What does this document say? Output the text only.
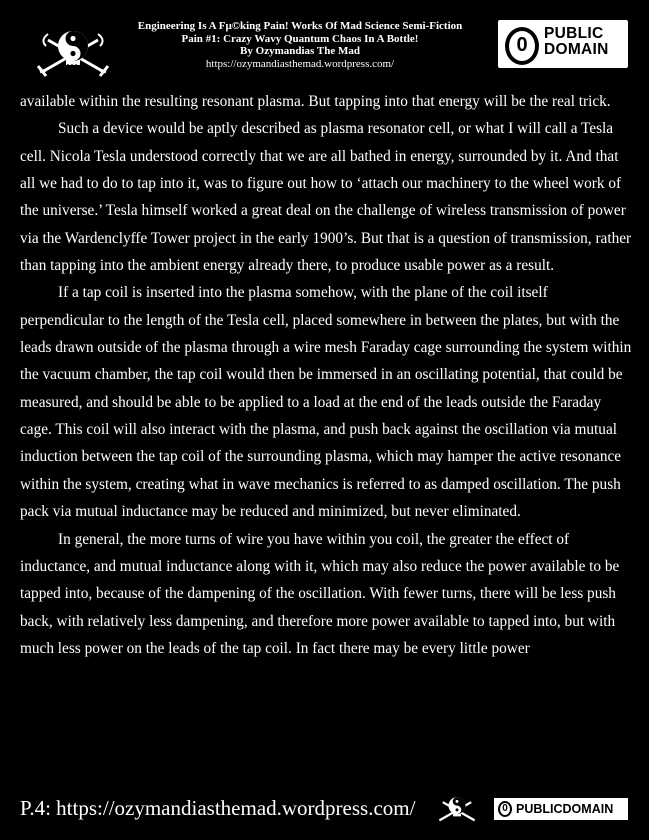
Engineering Is A Fµ©king Pain! Works Of Mad Science Semi-Fiction
Pain #1: Crazy Wavy Quantum Chaos In A Bottle!
By Ozymandias The Mad
https://ozymandiasthemad.wordpress.com/
0
PUBLIC
DOMAIN

available within the resulting resonant plasma. But tapping into that energy will be the real trick.

Such a device would be aptly described as plasma resonator cell, or what I will call a Tesla cell. Nicola Tesla understood correctly that we are all bathed in energy, surrounded by it. And that all we had to do to tap into it, was to figure out how to ‘attach our machinery to the wheel work of the universe.’ Tesla himself worked a great deal on the challenge of wireless transmission of power via the Wardenclyffe Tower project in the early 1900’s. But that is a question of transmission, rather than tapping into the ambient energy already there, to produce usable power as a result.

If a tap coil is inserted into the plasma somehow, with the plane of the coil itself perpendicular to the length of the Tesla cell, placed somewhere in between the plates, but with the leads drawn outside of the plasma through a wire mesh Faraday cage surrounding the system within the vacuum chamber, the tap coil would then be immersed in an oscillating potential, that could be measured, and should be able to be applied to a load at the end of the leads outside the Faraday cage. This coil will also interact with the plasma, and push back against the oscillation via mutual induction between the tap coil of the surrounding plasma, which may hamper the active resonance within the system, creating what in wave mechanics is referred to as damped oscillation. The push pack via mutual inductance may be reduced and minimized, but never eliminated.

In general, the more turns of wire you have within you coil, the greater the effect of inductance, and mutual inductance along with it, which may also reduce the power available to be tapped into, because of the dampening of the oscillation. With fewer turns, there will be less push back, with relatively less dampening, and therefore more power available to tapped into, but with much less power on the leads of the tap coil. In fact there may be every little power

P.4: https://ozymandiasthemad.wordpress.com/	0 PUBLICDOMAIN
